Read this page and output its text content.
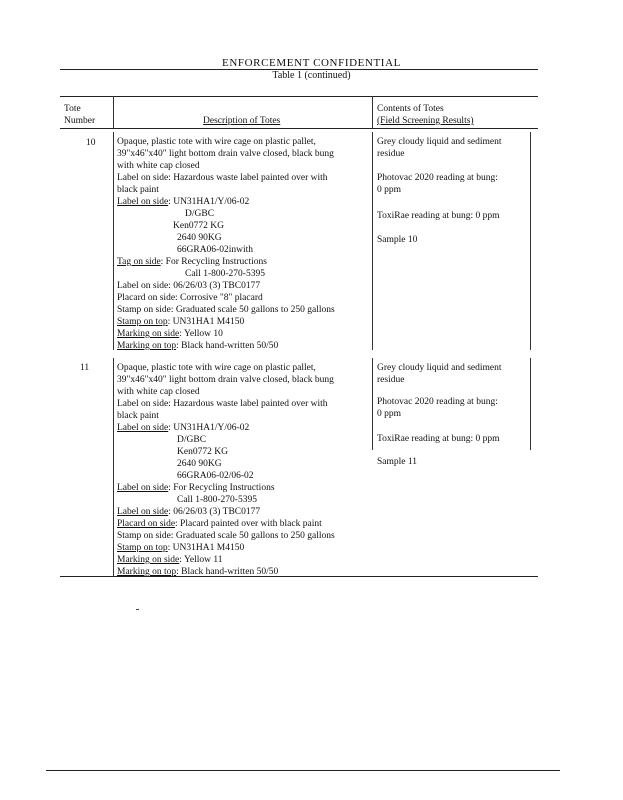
ENFORCEMENT CONFIDENTIAL
Table 1 (continued)
Tote
Number	Description of Totes
Contents of Totes
(Field Screening Results)
10 Opaque, plastic tote with wire cage on plastic pallet,
39"x46"x40" light bottom drain valve closed, black bung
with white cap closed
Label on side: Hazardous waste label painted over with
black paint
Label on side: UN31HA1/Y/06-02
D/GBC
Ken0772 KG
2640 90KG
66GRA06-02inwith
Tag on side: For Recycling Instructions
Call 1-800-270-5395
Label on side: 06/26/03 (3) TBC0177
Placard on side: Corrosive "8" placard
Stamp on side: Graduated scale 50 gallons to 250 gallons
Stamp on top: UN31HA1 M4150
Marking on side: Yellow 10
Marking on top: Black hand-written 50/50
Grey cloudy liquid and sediment
residue
Photovac 2020 reading at bung:
0 ppm
ToxiRae reading at bung: 0 ppm
Sample 10
11	Opaque, plastic tote with wire cage on plastic pallet,
39"x46"x40" light bottom drain valve closed, black bung
with white cap closed
Label on side: Hazardous waste label painted over with
black paint
Label on side: UN31HA1/Y/06-02
D/GBC
Ken0772 KG
2640 90KG
66GRA06-02/06-02
Label on side: For Recycling Instructions
Call 1-800-270-5395
Label on side: 06/26/03 (3) TBC0177
Placard on side: Placard painted over with black paint
Stamp on side: Graduated scale 50 gallons to 250 gallons
Stamp on top: UN31HA1 M4150
Marking on side: Yellow 11
Marking on top: Black hand-written 50/50
Grey cloudy liquid and sediment
residue
Photovac 2020 reading at bung:
0 ppm
ToxiRae reading at bung: 0 ppm
Sample 11
